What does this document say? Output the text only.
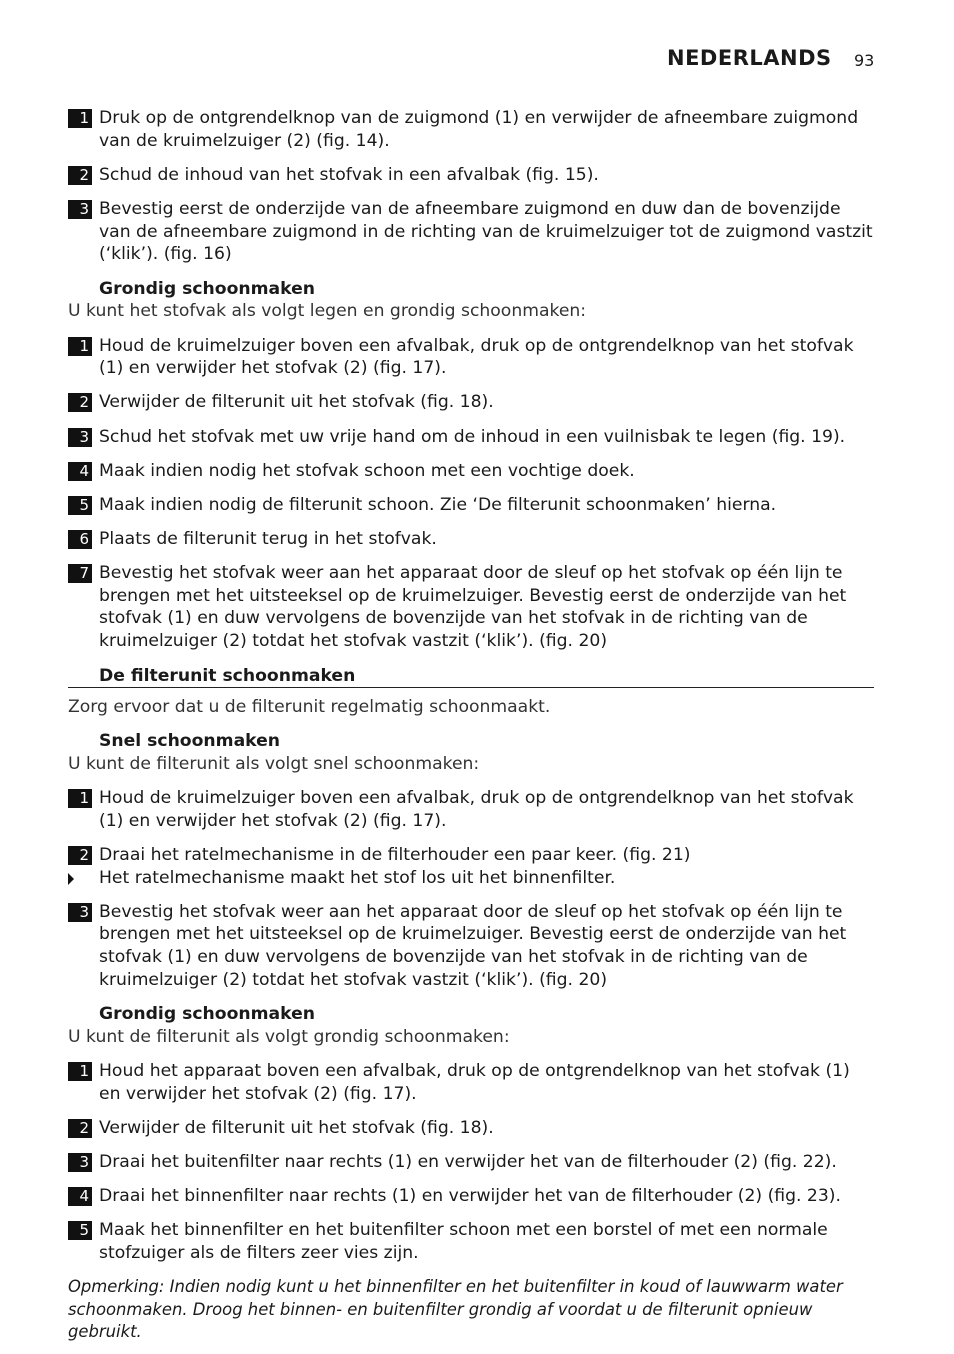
NEDERLANDS 93
1 Druk op de ontgrendelknop van de zuigmond (1) en verwijder de afneembare zuigmond van de kruimelzuiger (2) (fig. 14).
2 Schud de inhoud van het stofvak in een afvalbak (fig. 15).
3 Bevestig eerst de onderzijde van de afneembare zuigmond en duw dan de bovenzijde van de afneembare zuigmond in de richting van de kruimelzuiger tot de zuigmond vastzit (‘klik’). (fig. 16)
Grondig schoonmaken
U kunt het stofvak als volgt legen en grondig schoonmaken:
1 Houd de kruimelzuiger boven een afvalbak, druk op de ontgrendelknop van het stofvak (1) en verwijder het stofvak (2) (fig. 17).
2 Verwijder de filterunit uit het stofvak (fig. 18).
3 Schud het stofvak met uw vrije hand om de inhoud in een vuilnisbak te legen (fig. 19).
4 Maak indien nodig het stofvak schoon met een vochtige doek.
5 Maak indien nodig de filterunit schoon. Zie ‘De filterunit schoonmaken’ hierna.
6 Plaats de filterunit terug in het stofvak.
7 Bevestig het stofvak weer aan het apparaat door de sleuf op het stofvak op één lijn te brengen met het uitsteeksel op de kruimelzuiger. Bevestig eerst de onderzijde van het stofvak (1) en duw vervolgens de bovenzijde van het stofvak in de richting van de kruimelzuiger (2) totdat het stofvak vastzit (‘klik’). (fig. 20)
De filterunit schoonmaken
Zorg ervoor dat u de filterunit regelmatig schoonmaakt.
Snel schoonmaken
U kunt de filterunit als volgt snel schoonmaken:
1 Houd de kruimelzuiger boven een afvalbak, druk op de ontgrendelknop van het stofvak (1) en verwijder het stofvak (2) (fig. 17).
2 Draai het ratelmechanisme in de filterhouder een paar keer. (fig. 21)
Het ratelmechanisme maakt het stof los uit het binnenfilter.
3 Bevestig het stofvak weer aan het apparaat door de sleuf op het stofvak op één lijn te brengen met het uitsteeksel op de kruimelzuiger. Bevestig eerst de onderzijde van het stofvak (1) en duw vervolgens de bovenzijde van het stofvak in de richting van de kruimelzuiger (2) totdat het stofvak vastzit (‘klik’). (fig. 20)
Grondig schoonmaken
U kunt de filterunit als volgt grondig schoonmaken:
1 Houd het apparaat boven een afvalbak, druk op de ontgrendelknop van het stofvak (1) en verwijder het stofvak (2) (fig. 17).
2 Verwijder de filterunit uit het stofvak (fig. 18).
3 Draai het buitenfilter naar rechts (1) en verwijder het van de filterhouder (2) (fig. 22).
4 Draai het binnenfilter naar rechts (1) en verwijder het van de filterhouder (2) (fig. 23).
5 Maak het binnenfilter en het buitenfilter schoon met een borstel of met een normale stofzuiger als de filters zeer vies zijn.
Opmerking: Indien nodig kunt u het binnenfilter en het buitenfilter in koud of lauwwarm water schoonmaken. Droog het binnen- en buitenfilter grondig af voordat u de filterunit opnieuw gebruikt.
